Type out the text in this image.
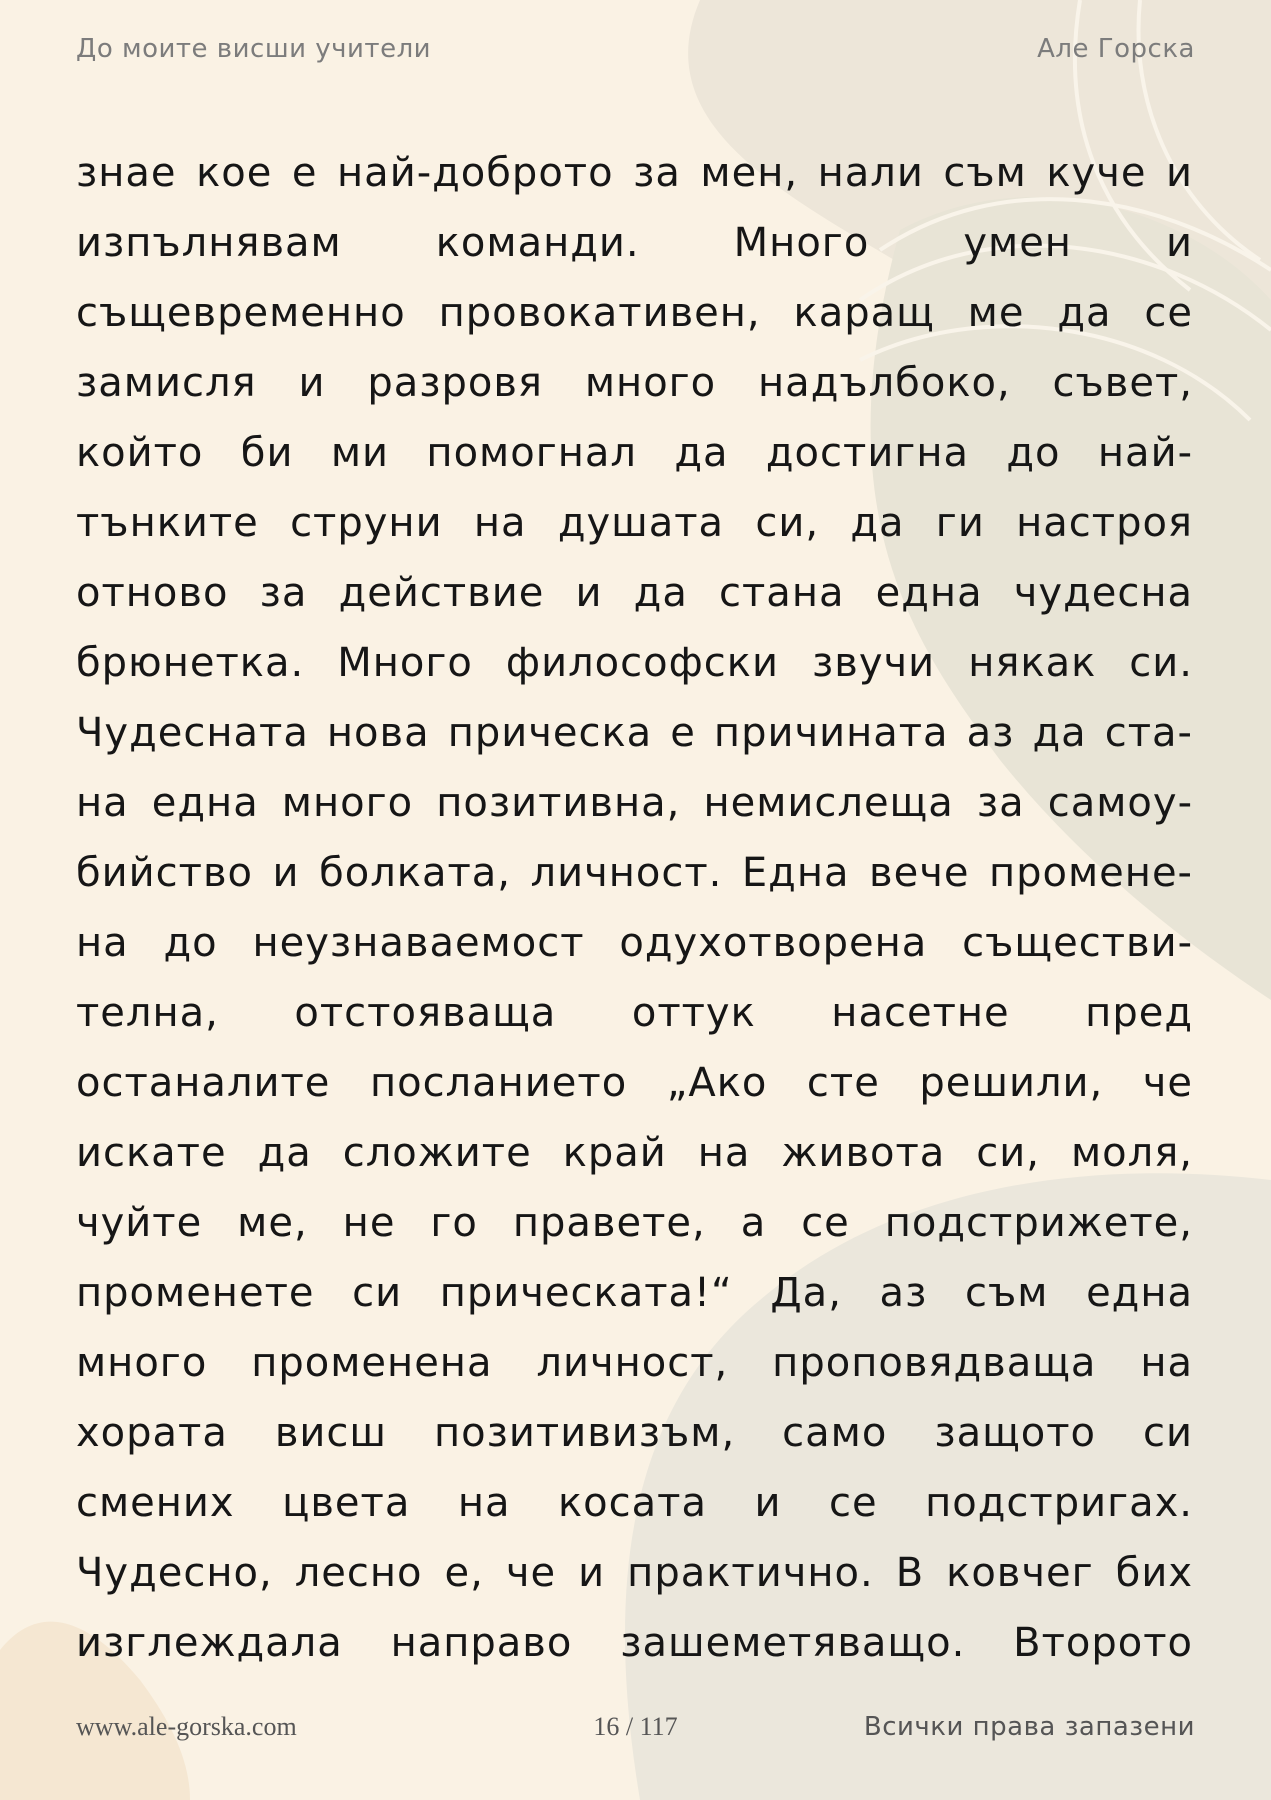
До моите висши учители	Але Горска
знае кое е най-доброто за мен, нали съм куче и
изпълнявам команди. Много умен и
същевременно провокативен, каращ ме да се
замисля и разровя много надълбоко, съвет,
който би ми помогнал да достигна до най-
тънките струни на душата си, да ги настроя
отново за действие и да стана една чудесна
брюнетка. Много философски звучи някак си.
Чудесната нова прическа е причината аз да ста-
на една много позитивна, немислеща за самоу-
бийство и болката, личност. Една вече промене-
на до неузнаваемост одухотворена съществи-
телна, отстояваща оттук насетне пред
останалите посланието „Ако сте решили, че
искате да сложите край на живота си, моля,
чуйте ме, не го правете, а се подстрижете,
променете си прическата!“ Да, аз съм една
много променена личност, проповядваща на
хората висш позитивизъм, само защото си
смених цвета на косата и се подстригах.
Чудесно, лесно е, че и практично. В ковчег бих
изглеждала направо зашеметяващо. Второто
www.ale-gorska.com	16 / 117	Всички права запазени
